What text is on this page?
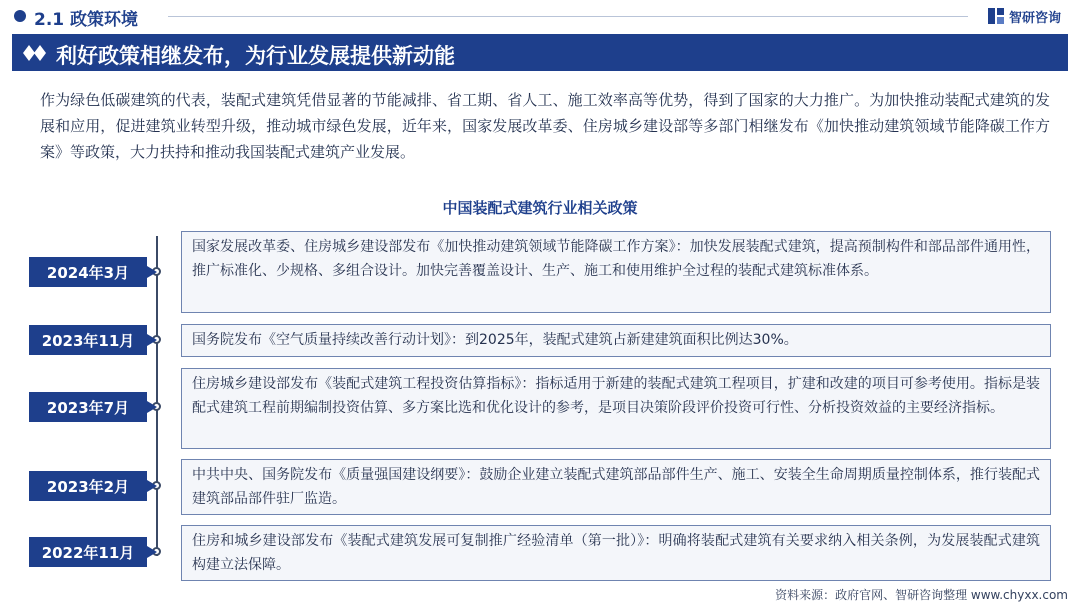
2.1 政策环境	智研咨询
利好政策相继发布，为行业发展提供新动能

作为绿色低碳建筑的代表，装配式建筑凭借显著的节能减排、省工期、省人工、施工效率高等优势，得到了国家的大力推广。为加快推动装配式建筑的发展和应用，促进建筑业转型升级，推动城市绿色发展，近年来，国家发展改革委、住房城乡建设部等多部门相继发布《加快推动建筑领域节能降碳工作方案》等政策，大力扶持和推动我国装配式建筑产业发展。

中国装配式建筑行业相关政策
2024年3月
国家发展改革委、住房城乡建设部发布《加快推动建筑领域节能降碳工作方案》：加快发展装配式建筑，提高预制构件和部品部件通用性，推广标准化、少规格、多组合设计。加快完善覆盖设计、生产、施工和使用维护全过程的装配式建筑标准体系。
2023年11月	国务院发布《空气质量持续改善行动计划》：到2025年，装配式建筑占新建建筑面积比例达30%。
2023年7月
住房城乡建设部发布《装配式建筑工程投资估算指标》：指标适用于新建的装配式建筑工程项目，扩建和改建的项目可参考使用。指标是装配式建筑工程前期编制投资估算、多方案比选和优化设计的参考，是项目决策阶段评价投资可行性、分析投资效益的主要经济指标。
2023年2月
中共中央、国务院发布《质量强国建设纲要》：鼓励企业建立装配式建筑部品部件生产、施工、安装全生命周期质量控制体系，推行装配式建筑部品部件驻厂监造。
2022年11月
住房和城乡建设部发布《装配式建筑发展可复制推广经验清单（第一批）》：明确将装配式建筑有关要求纳入相关条例，为发展装配式建筑构建立法保障。
资料来源：政府官网、智研咨询整理 www.chyxx.com
